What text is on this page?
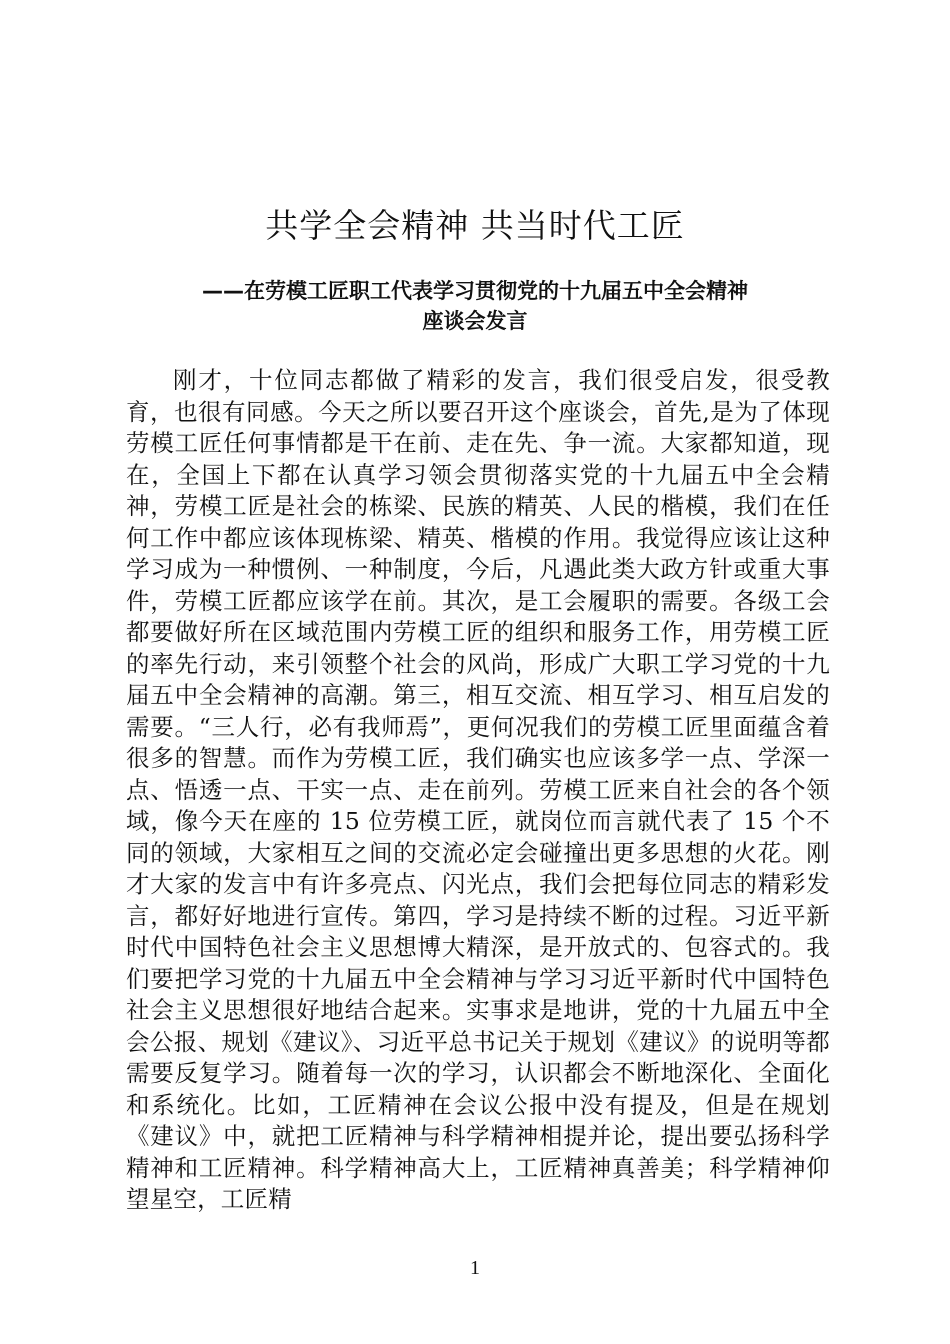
共学全会精神 共当时代工匠
——在劳模工匠职工代表学习贯彻党的十九届五中全会精神
座谈会发言

刚才，十位同志都做了精彩的发言，我们很受启发，很受教育，也很有同感。今天之所以要召开这个座谈会，首先,是为了体现劳模工匠任何事情都是干在前、走在先、争一流。大家都知道，现在，全国上下都在认真学习领会贯彻落实党的十九届五中全会精神，劳模工匠是社会的栋梁、民族的精英、人民的楷模，我们在任何工作中都应该体现栋梁、精英、楷模的作用。我觉得应该让这种学习成为一种惯例、一种制度，今后，凡遇此类大政方针或重大事件，劳模工匠都应该学在前。其次，是工会履职的需要。各级工会都要做好所在区域范围内劳模工匠的组织和服务工作，用劳模工匠的率先行动，来引领整个社会的风尚，形成广大职工学习党的十九届五中全会精神的高潮。第三，相互交流、相互学习、相互启发的需要。“三人行，必有我师焉”，更何况我们的劳模工匠里面蕴含着很多的智慧。而作为劳模工匠，我们确实也应该多学一点、学深一点、悟透一点、干实一点、走在前列。劳模工匠来自社会的各个领域，像今天在座的 15 位劳模工匠，就岗位而言就代表了 15 个不同的领域，大家相互之间的交流必定会碰撞出更多思想的火花。刚才大家的发言中有许多亮点、闪光点，我们会把每位同志的精彩发言，都好好地进行宣传。第四，学习是持续不断的过程。习近平新时代中国特色社会主义思想博大精深，是开放式的、包容式的。我们要把学习党的十九届五中全会精神与学习习近平新时代中国特色社会主义思想很好地结合起来。实事求是地讲，党的十九届五中全会公报、规划《建议》、习近平总书记关于规划《建议》的说明等都需要反复学习。随着每一次的学习，认识都会不断地深化、全面化和系统化。比如，工匠精神在会议公报中没有提及，但是在规划《建议》中，就把工匠精神与科学精神相提并论，提出要弘扬科学精神和工匠精神。科学精神高大上，工匠精神真善美；科学精神仰望星空，工匠精

1
